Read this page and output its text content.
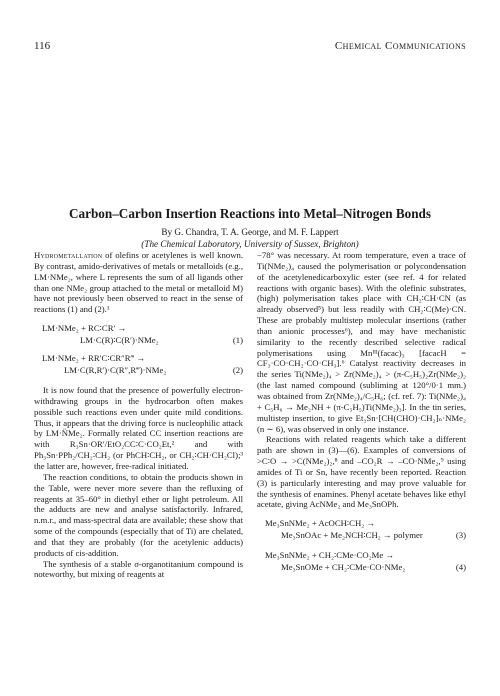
116	Chemical Communications

Carbon–Carbon Insertion Reactions into Metal–Nitrogen Bonds

By G. Chandra, T. A. George, and M. F. Lappert

(The Chemical Laboratory, University of Sussex, Brighton)

Hydrometallation of olefins or acetylenes is well known. By contrast, amido-derivatives of metals or metalloids (e.g., LM·NMe₂, where L represents the sum of all ligands other than one NMe₂ group attached to the metal or metalloid M) have not previously been observed to react in the sense of reactions (1) and (2).¹

LM·NMe₂ + RC∶CR′ →
LM·C(R)∶C(R′)·NMe₂	(1)
LM·NMe₂ + RR′C∶CR″R‴ →
LM·C(R,R′)·C(R″,R‴)·NMe₂	(2)

It is now found that the presence of powerfully electron-withdrawing groups in the hydrocarbon often makes possible such reactions even under quite mild conditions. Thus, it appears that the driving force is nucleophilic attack by LM·N̈Me₂. Formally related CC insertion reactions are with R₃Sn·OR′/EtO₂CC∶C·CO₂Et,² and with Ph₃Sn·PPh₂/CH₂∶CH₂ (or PhCH∶CH₂, or CH₂∶CH·CH₂Cl);³ the latter are, however, free-radical initiated.

The reaction conditions, to obtain the products shown in the Table, were never more severe than the refluxing of reagents at 35–60° in diethyl ether or light petroleum. All the adducts are new and analyse satisfactorily. Infrared, n.m.r., and mass-spectral data are available; these show that some of the compounds (especially that of Ti) are chelated, and that they are probably (for the acetylenic adducts) products of cis-addition.

The synthesis of a stable σ-organotitanium compound is noteworthy, but mixing of reagents at

−78° was necessary. At room temperature, even a trace of Ti(NMe₂)₄ caused the polymerisation or polycondensation of the acetylenedicarboxylic ester (see ref. 4 for related reactions with organic bases). With the olefinic substrates, (high) polymerisation takes place with CH₂∶CH·CN (as already observed⁵) but less readily with CH₂∶C(Me)·CN. These are probably multistep molecular insertions (rather than anionic processes⁶), and may have mechanistic similarity to the recently described selective radical polymerisations using Mnᴵᴵᴵ(facac)₃ [facacH = CF₃·CO·CH₂·CO·CH₃].⁶ Catalyst reactivity decreases in the series Ti(NMe₂)₄ > Zr(NMe₂)₄ > (π-C₅H₅)₂Zr(NMe₂)₂ (the last named compound (subliming at 120°/0·1 mm.) was obtained from Zr(NMe₂)₄/C₅H₆; (cf. ref. 7): Ti(NMe₂)₄ + C₅H₆ → Me₂NH + (π-C₅H₅)Ti(NMe₂)₃]. In the tin series, multistep insertion, to give Et₃Sn·[CH(CHO)·CH₂]ₙ·NMe₂ (n ∼ 6), was observed in only one instance.

Reactions with related reagents which take a different path are shown in (3)—(6). Examples of conversions of >C∶O → >C(NMe₂)₂,⁸ and –CO₂R → –CO·NMe₂,⁹ using amides of Ti or Sn, have recently been reported. Reaction (3) is particularly interesting and may prove valuable for the synthesis of enamines. Phenyl acetate behaves like ethyl acetate, giving AcNMe₂ and Me₃SnOPh.

Me₃SnNMe₂ + AcOCH∶CH₂ →
Me₃SnOAc + Me₂NCH∶CH₂ → polymer	(3)
Me₃SnNMe₂ + CH₂∶CMe·CO₂Me →
Me₃SnOMe + CH₂∶CMe·CO·NMe₂	(4)
